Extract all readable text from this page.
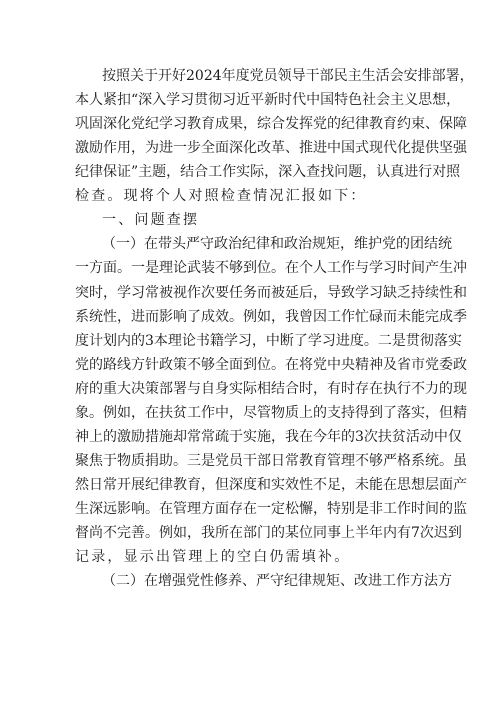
按 照 关 于 开 好 2024 年 度 党 员 领 导 干 部 民 主 生 活 会 安 排 部 署 ，
本 人 紧 扣 “ 深 入 学 习 贯 彻 习 近 平 新 时 代 中 国 特 色 社 会 主 义 思 想 ，
巩 固 深 化 党 纪 学 习 教 育 成 果 ， 综 合 发 挥 党 的 纪 律 教 育 约 束 、 保 障
激 励 作 用 ， 为 进 一 步 全 面 深 化 改 革 、 推 进 中 国 式 现 代 化 提 供 坚 强
纪 律 保 证 ” 主 题 ， 结 合 工 作 实 际 ， 深 入 查 找 问 题 ， 认 真 进 行 对 照
检查。现将个人对照检查情况汇报如下：
一、问题查摆
（ 一 ） 在 带 头 严 守 政 治 纪 律 和 政 治 规 矩 ， 维 护 党 的 团 结 统
一 方 面 。 一 是 理 论 武 装 不 够 到 位 。 在 个 人 工 作 与 学 习 时 间 产 生 冲
突 时 ， 学 习 常 被 视 作 次 要 任 务 而 被 延 后 ， 导 致 学 习 缺 乏 持 续 性 和
系 统 性 ， 进 而 影 响 了 成 效 。 例 如 ， 我 曾 因 工 作 忙 碌 而 未 能 完 成 季
度 计 划 内 的 3 本 理 论 书 籍 学 习 ， 中 断 了 学 习 进 度 。 二 是 贯 彻 落 实
党 的 路 线 方 针 政 策 不 够 全 面 到 位 。 在 将 党 中 央 精 神 及 省 市 党 委 政
府 的 重 大 决 策 部 署 与 自 身 实 际 相 结 合 时 ， 有 时 存 在 执 行 不 力 的 现
象 。 例 如 ， 在 扶 贫 工 作 中 ， 尽 管 物 质 上 的 支 持 得 到 了 落 实 ， 但 精
神 上 的 激 励 措 施 却 常 常 疏 于 实 施 ， 我 在 今 年 的 3 次 扶 贫 活 动 中 仅
聚 焦 于 物 质 捐 助 。 三 是 党 员 干 部 日 常 教 育 管 理 不 够 严 格 系 统 。 虽
然 日 常 开 展 纪 律 教 育 ， 但 深 度 和 实 效 性 不 足 ， 未 能 在 思 想 层 面 产
生 深 远 影 响 。 在 管 理 方 面 存 在 一 定 松 懈 ， 特 别 是 非 工 作 时 间 的 监
督 尚 不 完 善 。 例 如 ， 我 所 在 部 门 的 某 位 同 事 上 半 年 内 有 7 次 迟 到
记录，显示出管理上的空白仍需填补。
（ 二 ） 在 增 强 党 性 修 养 、 严 守 纪 律 规 矩 、 改 进 工 作 方 法 方
